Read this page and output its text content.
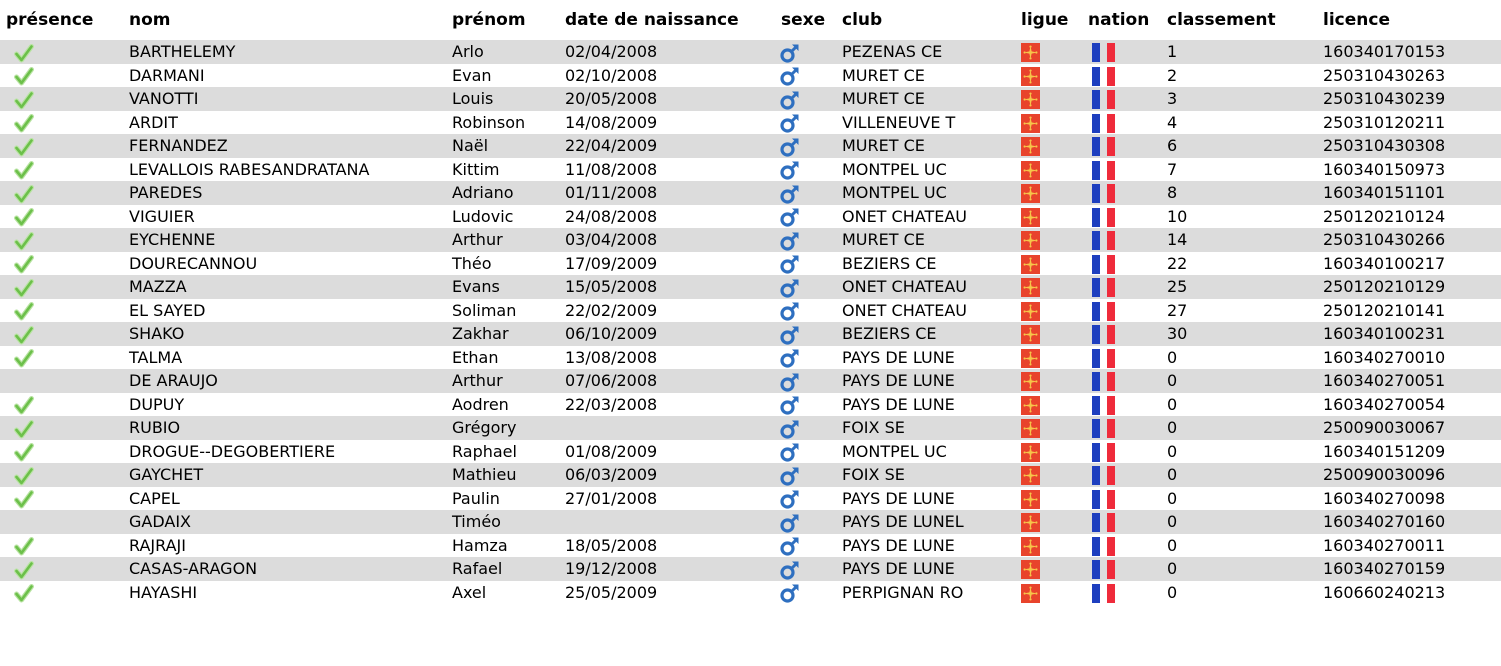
présence	nom	prénom	date de naissance	sexe	club	ligue	nation	classement	licence
	BARTHELEMY	Arlo	02/04/2008		PEZENAS CE			1	160340170153
	DARMANI	Evan	02/10/2008		MURET CE			2	250310430263
	VANOTTI	Louis	20/05/2008		MURET CE			3	250310430239
	ARDIT	Robinson	14/08/2009		VILLENEUVE T			4	250310120211
	FERNANDEZ	Naël	22/04/2009		MURET CE			6	250310430308
	LEVALLOIS RABESANDRATANA	Kittim	11/08/2008		MONTPEL UC			7	160340150973
	PAREDES	Adriano	01/11/2008		MONTPEL UC			8	160340151101
	VIGUIER	Ludovic	24/08/2008		ONET CHATEAU			10	250120210124
	EYCHENNE	Arthur	03/04/2008		MURET CE			14	250310430266
	DOURECANNOU	Théo	17/09/2009		BEZIERS CE			22	160340100217
	MAZZA	Evans	15/05/2008		ONET CHATEAU			25	250120210129
	EL SAYED	Soliman	22/02/2009		ONET CHATEAU			27	250120210141
	SHAKO	Zakhar	06/10/2009		BEZIERS CE			30	160340100231
	TALMA	Ethan	13/08/2008		PAYS DE LUNE			0	160340270010
	DE ARAUJO	Arthur	07/06/2008		PAYS DE LUNE			0	160340270051
	DUPUY	Aodren	22/03/2008		PAYS DE LUNE			0	160340270054
	RUBIO	Grégory			FOIX SE			0	250090030067
	DROGUE--DEGOBERTIERE	Raphael	01/08/2009		MONTPEL UC			0	160340151209
	GAYCHET	Mathieu	06/03/2009		FOIX SE			0	250090030096
	CAPEL	Paulin	27/01/2008		PAYS DE LUNE			0	160340270098
	GADAIX	Timéo			PAYS DE LUNEL			0	160340270160
	RAJRAJI	Hamza	18/05/2008		PAYS DE LUNE			0	160340270011
	CASAS-ARAGON	Rafael	19/12/2008		PAYS DE LUNE			0	160340270159
	HAYASHI	Axel	25/05/2009		PERPIGNAN RO			0	160660240213
